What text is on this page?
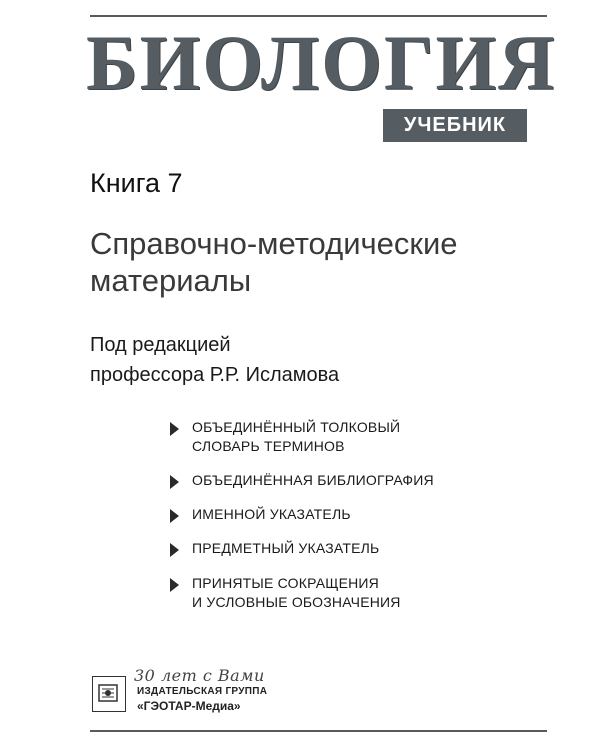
БИОЛОГИЯ
УЧЕБНИК
Книга 7
Справочно-методические
материалы
Под редакцией
профессора Р.Р. Исламова
ОБЪЕДИНЁННЫЙ ТОЛКОВЫЙ
СЛОВАРЬ ТЕРМИНОВ
ОБЪЕДИНЁННАЯ БИБЛИОГРАФИЯ
ИМЕННОЙ УКАЗАТЕЛЬ
ПРЕДМЕТНЫЙ УКАЗАТЕЛЬ
ПРИНЯТЫЕ СОКРАЩЕНИЯ
И УСЛОВНЫЕ ОБОЗНАЧЕНИЯ
30 лет с Вами
ИЗДАТЕЛЬСКАЯ ГРУППА
«ГЭОТАР-Медиа»
